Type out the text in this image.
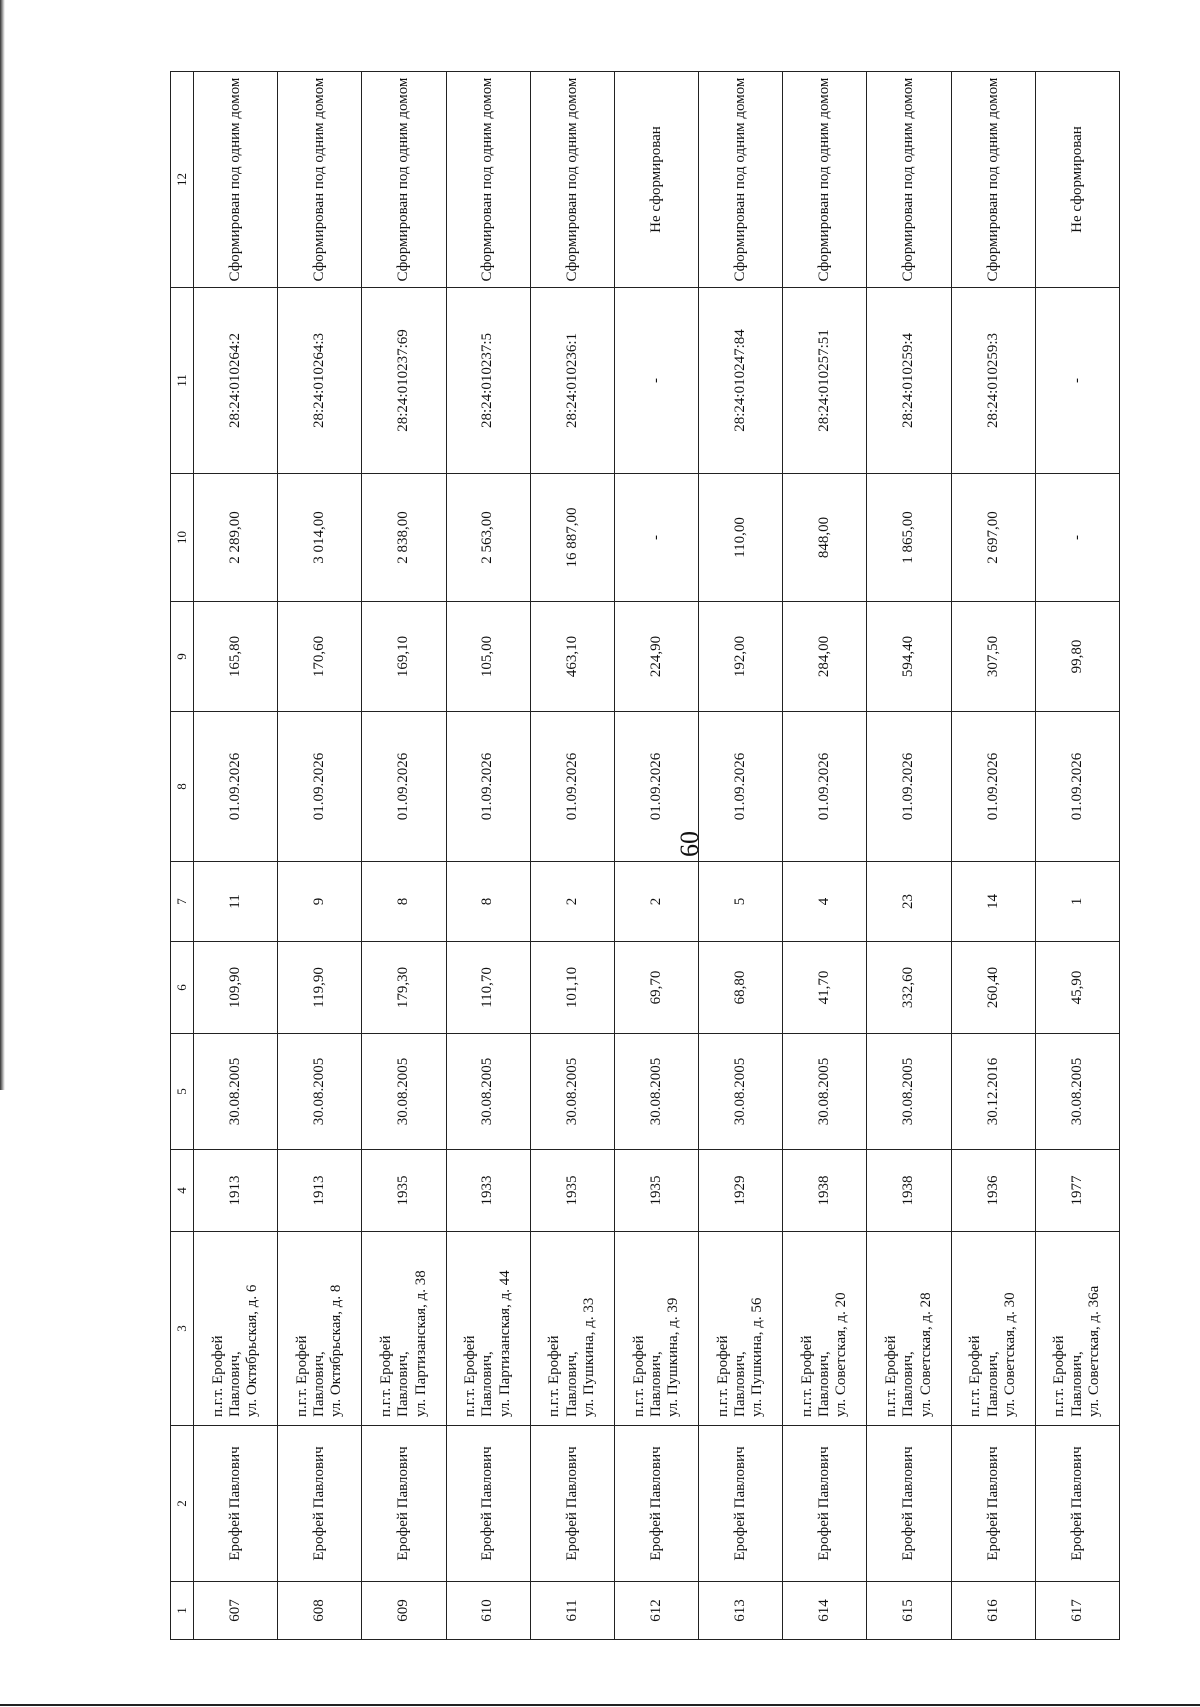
60
1	2	3	4	5	6	7	8	9	10	11	12
607	Ерофей Павлович	п.г.т. Ерофей Павлович, ул. Октябрьская, д. 6	1913	30.08.2005	109,90	11	01.09.2026	165,80	2 289,00	28:24:010264:2	Сформирован под одним домом
608	Ерофей Павлович	п.г.т. Ерофей Павлович, ул. Октябрьская, д. 8	1913	30.08.2005	119,90	9	01.09.2026	170,60	3 014,00	28:24:010264:3	Сформирован под одним домом
609	Ерофей Павлович	п.г.т. Ерофей Павлович, ул. Партизанская, д. 38	1935	30.08.2005	179,30	8	01.09.2026	169,10	2 838,00	28:24:010237:69	Сформирован под одним домом
610	Ерофей Павлович	п.г.т. Ерофей Павлович, ул. Партизанская, д. 44	1933	30.08.2005	110,70	8	01.09.2026	105,00	2 563,00	28:24:010237:5	Сформирован под одним домом
611	Ерофей Павлович	п.г.т. Ерофей Павлович, ул. Пушкина, д. 33	1935	30.08.2005	101,10	2	01.09.2026	463,10	16 887,00	28:24:010236:1	Сформирован под одним домом
612	Ерофей Павлович	п.г.т. Ерофей Павлович, ул. Пушкина, д. 39	1935	30.08.2005	69,70	2	01.09.2026	224,90	-	-	Не сформирован
613	Ерофей Павлович	п.г.т. Ерофей Павлович, ул. Пушкина, д. 56	1929	30.08.2005	68,80	5	01.09.2026	192,00	110,00	28:24:010247:84	Сформирован под одним домом
614	Ерофей Павлович	п.г.т. Ерофей Павлович, ул. Советская, д. 20	1938	30.08.2005	41,70	4	01.09.2026	284,00	848,00	28:24:010257:51	Сформирован под одним домом
615	Ерофей Павлович	п.г.т. Ерофей Павлович, ул. Советская, д. 28	1938	30.08.2005	332,60	23	01.09.2026	594,40	1 865,00	28:24:010259:4	Сформирован под одним домом
616	Ерофей Павлович	п.г.т. Ерофей Павлович, ул. Советская, д. 30	1936	30.12.2016	260,40	14	01.09.2026	307,50	2 697,00	28:24:010259:3	Сформирован под одним домом
617	Ерофей Павлович	п.г.т. Ерофей Павлович, ул. Советская, д. 36а	1977	30.08.2005	45,90	1	01.09.2026	99,80	-	-	Не сформирован
